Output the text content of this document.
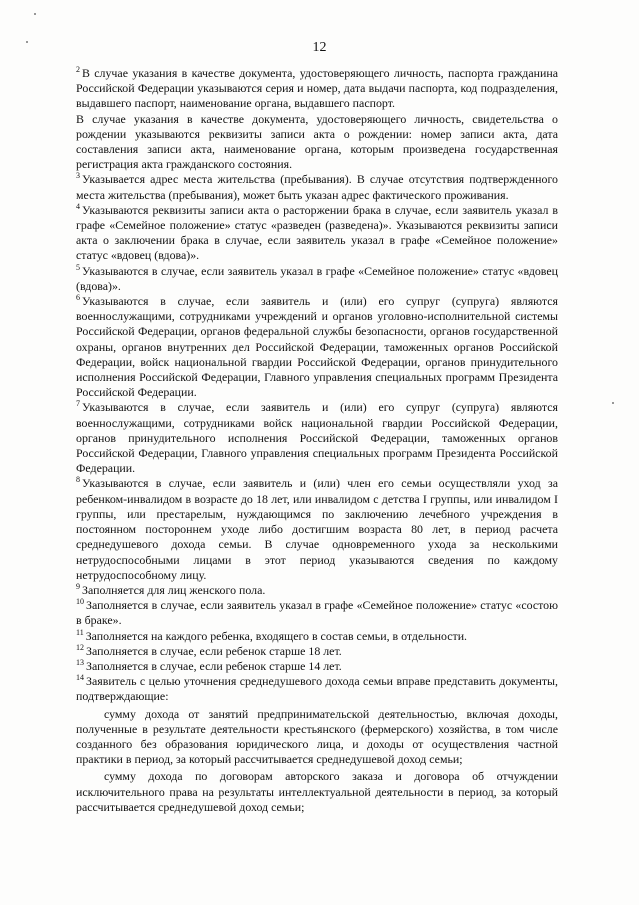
12

$^2$ В случае указания в качестве документа, удостоверяющего личность, паспорта гражданина Российской Федерации указываются серия и номер, дата выдачи паспорта, код подразделения, выдавшего паспорт, наименование органа, выдавшего паспорт.

В случае указания в качестве документа, удостоверяющего личность, свидетельства о рождении указываются реквизиты записи акта о рождении: номер записи акта, дата составления записи акта, наименование органа, которым произведена государственная регистрация акта гражданского состояния.

$^3$ Указывается адрес места жительства (пребывания). В случае отсутствия подтвержденного места жительства (пребывания), может быть указан адрес фактического проживания.

$^4$ Указываются реквизиты записи акта о расторжении брака в случае, если заявитель указал в графе «Семейное положение» статус «разведен (разведена)». Указываются реквизиты записи акта о заключении брака в случае, если заявитель указал в графе «Семейное положение» статус «вдовец (вдова)».

$^5$ Указываются в случае, если заявитель указал в графе «Семейное положение» статус «вдовец (вдова)».

$^6$ Указываются в случае, если заявитель и (или) его супруг (супруга) являются военнослужащими, сотрудниками учреждений и органов уголовно-исполнительной системы Российской Федерации, органов федеральной службы безопасности, органов государственной охраны, органов внутренних дел Российской Федерации, таможенных органов Российской Федерации, войск национальной гвардии Российской Федерации, органов принудительного исполнения Российской Федерации, Главного управления специальных программ Президента Российской Федерации.

$^7$ Указываются в случае, если заявитель и (или) его супруг (супруга) являются военнослужащими, сотрудниками войск национальной гвардии Российской Федерации, органов принудительного исполнения Российской Федерации, таможенных органов Российской Федерации, Главного управления специальных программ Президента Российской Федерации.

$^8$ Указываются в случае, если заявитель и (или) член его семьи осуществляли уход за ребенком-инвалидом в возрасте до 18 лет, или инвалидом с детства I группы, или инвалидом I группы, или престарелым, нуждающимся по заключению лечебного учреждения в постоянном постороннем уходе либо достигшим возраста 80 лет, в период расчета среднедушевого дохода семьи. В случае одновременного ухода за несколькими нетрудоспособными лицами в этот период указываются сведения по каждому нетрудоспособному лицу.

$^9$ Заполняется для лиц женского пола.

$^{10}$ Заполняется в случае, если заявитель указал в графе «Семейное положение» статус «состою в браке».

$^{11}$ Заполняется на каждого ребенка, входящего в состав семьи, в отдельности.

$^{12}$ Заполняется в случае, если ребенок старше 18 лет.

$^{13}$ Заполняется в случае, если ребенок старше 14 лет.

$^{14}$ Заявитель с целью уточнения среднедушевого дохода семьи вправе представить документы, подтверждающие:

сумму дохода от занятий предпринимательской деятельностью, включая доходы, полученные в результате деятельности крестьянского (фермерского) хозяйства, в том числе созданного без образования юридического лица, и доходы от осуществления частной практики в период, за который рассчитывается среднедушевой доход семьи;

сумму дохода по договорам авторского заказа и договора об отчуждении исключительного права на результаты интеллектуальной деятельности в период, за который рассчитывается среднедушевой доход семьи;
